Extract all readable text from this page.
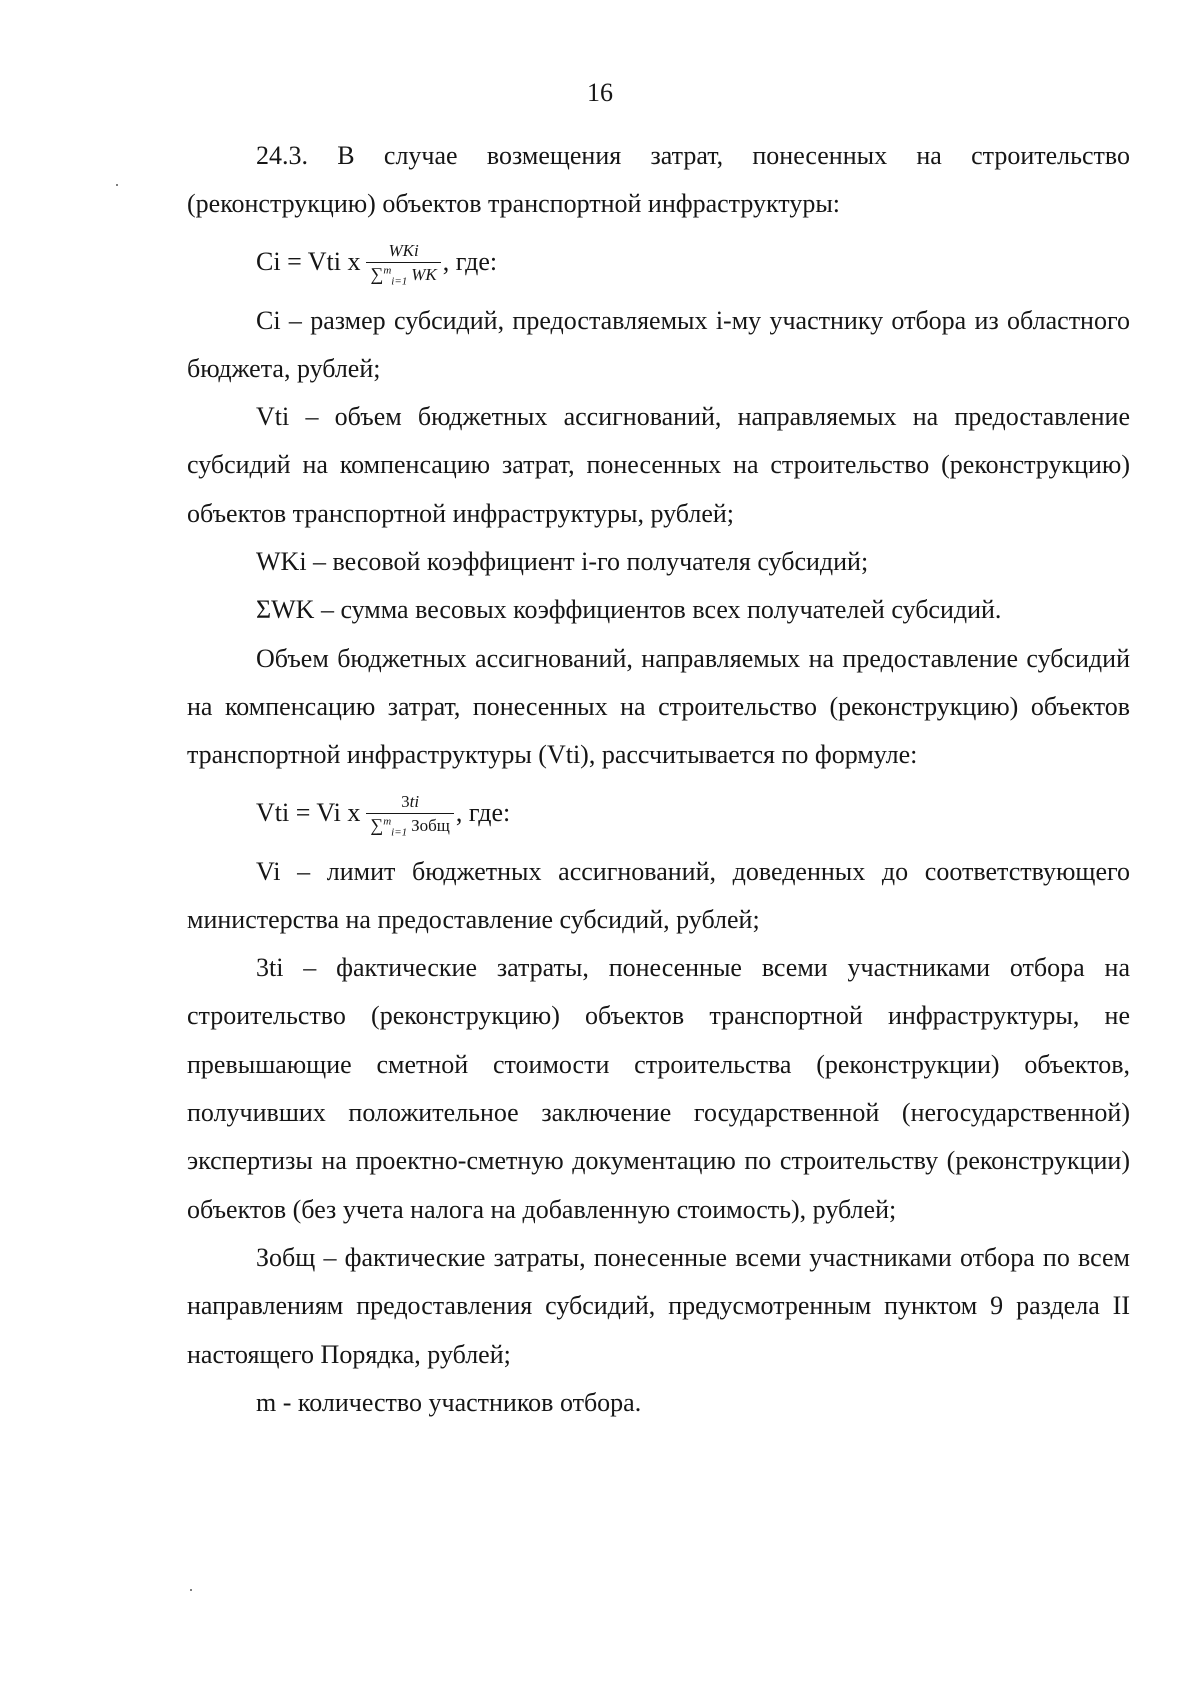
16

24.3. В случае возмещения затрат, понесенных на строительство (реконструкцию) объектов транспортной инфраструктуры:

Ci = Vti x $\frac{\text{WKi}}{\sum^m_{i=1} WK}$ , где:

Ci – размер субсидий, предоставляемых i-му участнику отбора из областного бюджета, рублей;

Vti – объем бюджетных ассигнований, направляемых на предоставление субсидий на компенсацию затрат, понесенных на строительство (реконструкцию) объектов транспортной инфраструктуры, рублей;

WKi – весовой коэффициент i-го получателя субсидий;

ΣWK – сумма весовых коэффициентов всех получателей субсидий.

Объем бюджетных ассигнований, направляемых на предоставление субсидий на компенсацию затрат, понесенных на строительство (реконструкцию) объектов транспортной инфраструктуры (Vti), рассчитывается по формуле:

Vti = Vi x $\frac{3ti}{\sum^m_{i=1} Зобщ}$ , где:

Vi – лимит бюджетных ассигнований, доведенных до соответствующего министерства на предоставление субсидий, рублей;

3ti – фактические затраты, понесенные всеми участниками отбора на строительство (реконструкцию) объектов транспортной инфраструктуры, не превышающие сметной стоимости строительства (реконструкции) объектов, получивших положительное заключение государственной (негосударственной) экспертизы на проектно-сметную документацию по строительству (реконструкции) объектов (без учета налога на добавленную стоимость), рублей;

Зобщ – фактические затраты, понесенные всеми участниками отбора по всем направлениям предоставления субсидий, предусмотренным пунктом 9 раздела II настоящего Порядка, рублей;

m - количество участников отбора.
